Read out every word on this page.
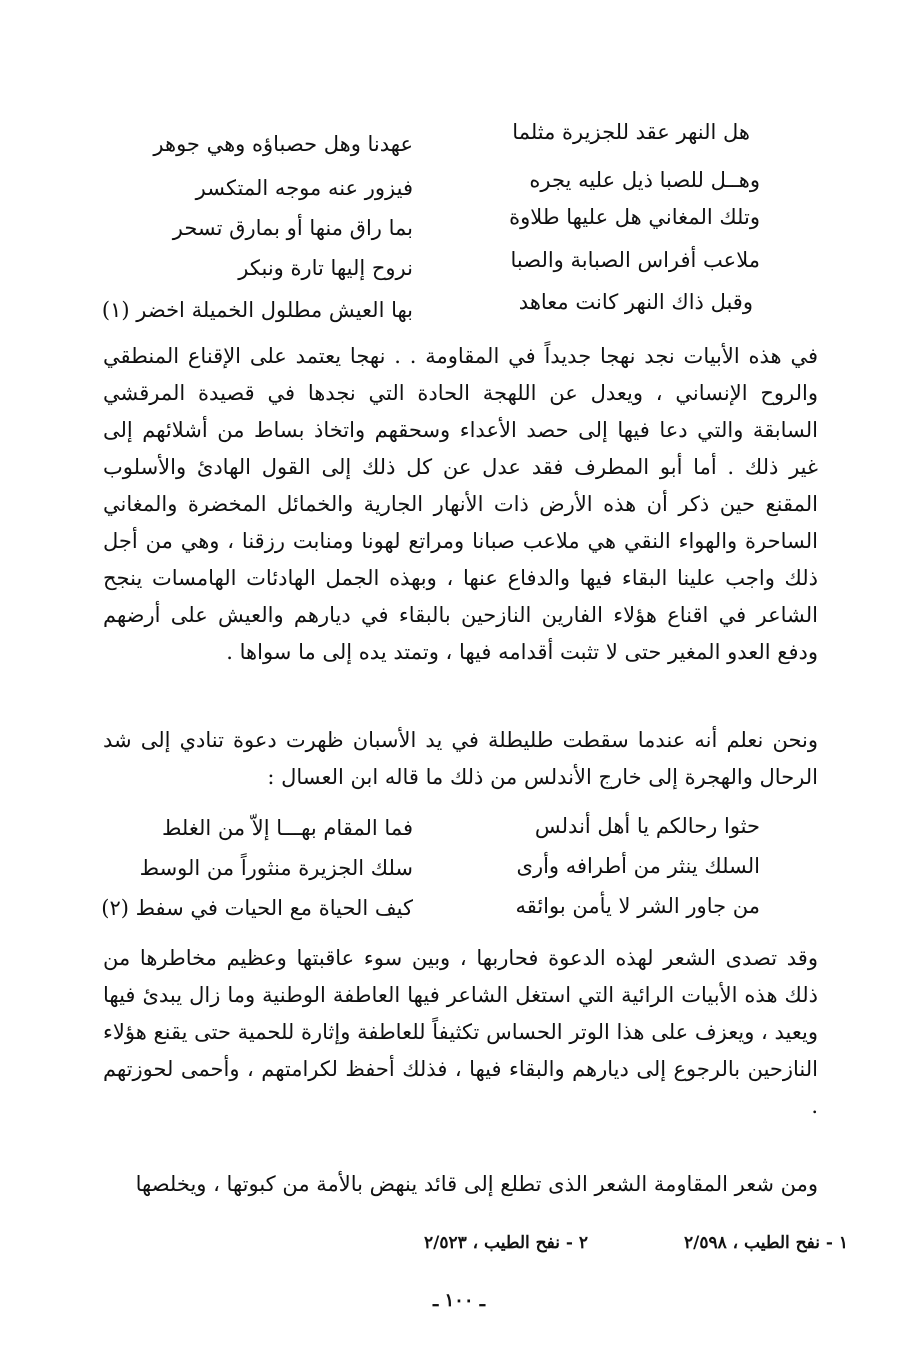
هل النهر عقد للجزيرة مثلما
عهدنا وهل حصباؤه وهي جوهر
وهــل للصبا ذيل عليه يجره
فيزور عنه موجه المتكسر
وتلك المغاني هل عليها طلاوة
بما راق منها أو بمارق تسحر
ملاعب أفراس الصبابة والصبا
نروح إليها تارة ونبكر
وقبل ذاك النهر كانت معاهد
بها العيش مطلول الخميلة اخضر (١)

في هذه الأبيات نجد نهجا جديداً في المقاومة . . نهجا يعتمد على الإقناع المنطقي والروح الإنساني ، ويعدل عن اللهجة الحادة التي نجدها في قصيدة المرقشي السابقة والتي دعا فيها إلى حصد الأعداء وسحقهم واتخاذ بساط من أشلائهم إلى غير ذلك . أما أبو المطرف فقد عدل عن كل ذلك إلى القول الهادئ والأسلوب المقنع حين ذكر أن هذه الأرض ذات الأنهار الجارية والخمائل المخضرة والمغاني الساحرة والهواء النقي هي ملاعب صبانا ومراتع لهونا ومنابت رزقنا ، وهي من أجل ذلك واجب علينا البقاء فيها والدفاع عنها ، وبهذه الجمل الهادئات الهامسات ينجح الشاعر في اقناع هؤلاء الفارين النازحين بالبقاء في ديارهم والعيش على أرضهم ودفع العدو المغير حتى لا تثبت أقدامه فيها ، وتمتد يده إلى ما سواها .

ونحن نعلم أنه عندما سقطت طليطلة في يد الأسبان ظهرت دعوة تنادي إلى شد الرحال والهجرة إلى خارج الأندلس من ذلك ما قاله ابن العسال :

حثوا رحالكم يا أهل أندلس
فما المقام بهـــا إلاّ من الغلط
السلك ينثر من أطرافه وأرى
سلك الجزيرة منثوراً من الوسط
من جاور الشر لا يأمن بوائقه
كيف الحياة مع الحيات في سفط (٢)

وقد تصدى الشعر لهذه الدعوة فحاربها ، وبين سوء عاقبتها وعظيم مخاطرها من ذلك هذه الأبيات الرائية التي استغل الشاعر فيها العاطفة الوطنية وما زال يبدئ فيها ويعيد ، ويعزف على هذا الوتر الحساس تكثيفاً للعاطفة وإثارة للحمية حتى يقنع هؤلاء النازحين بالرجوع إلى ديارهم والبقاء فيها ، فذلك أحفظ لكرامتهم ، وأحمى لحوزتهم .

ومن شعر المقاومة الشعر الذى تطلع إلى قائد ينهض بالأمة من كبوتها ، ويخلصها

١ - نفح الطيب ، ٢/٥٩٨
٢ - نفح الطيب ، ٢/٥٢٣
ـ ١٠٠ ـ
